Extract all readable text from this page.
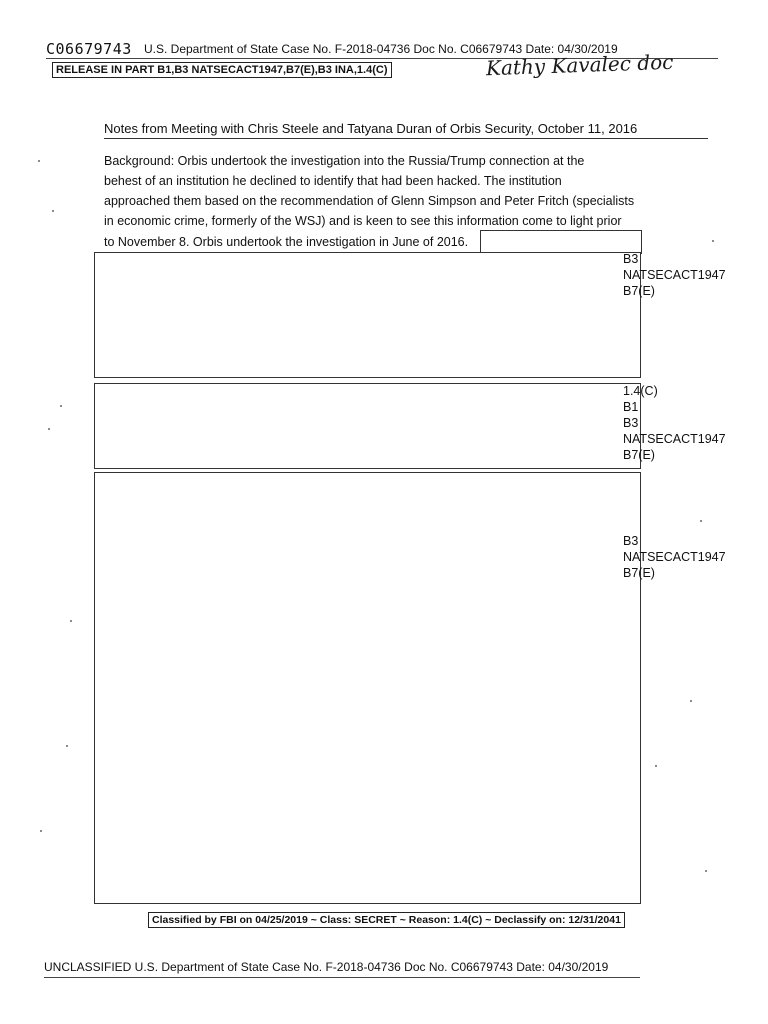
C06679743 U.S. Department of State Case No. F-2018-04736 Doc No. C06679743 Date: 04/30/2019
RELEASE IN PART B1,B3 NATSECACT1947,B7(E),B3 INA,1.4(C)	Kathy Kavalec doc
Notes from Meeting with Chris Steele and Tatyana Duran of Orbis Security, October 11, 2016
Background: Orbis undertook the investigation into the Russia/Trump connection at the
behest of an institution he declined to identify that had been hacked. The institution
approached them based on the recommendation of Glenn Simpson and Peter Fritch (specialists
in economic crime, formerly of the WSJ) and is keen to see this information come to light prior
to November 8. Orbis undertook the investigation in June of 2016.
B3
NATSECACT1947
B7(E)
1.4(C)
B1
B3
NATSECACT1947
B7(E)
B3
NATSECACT1947
B7(E)
Classified by FBI on 04/25/2019 ~ Class: SECRET ~ Reason: 1.4(C) ~ Declassify on: 12/31/2041
UNCLASSIFIED U.S. Department of State Case No. F-2018-04736 Doc No. C06679743 Date: 04/30/2019
